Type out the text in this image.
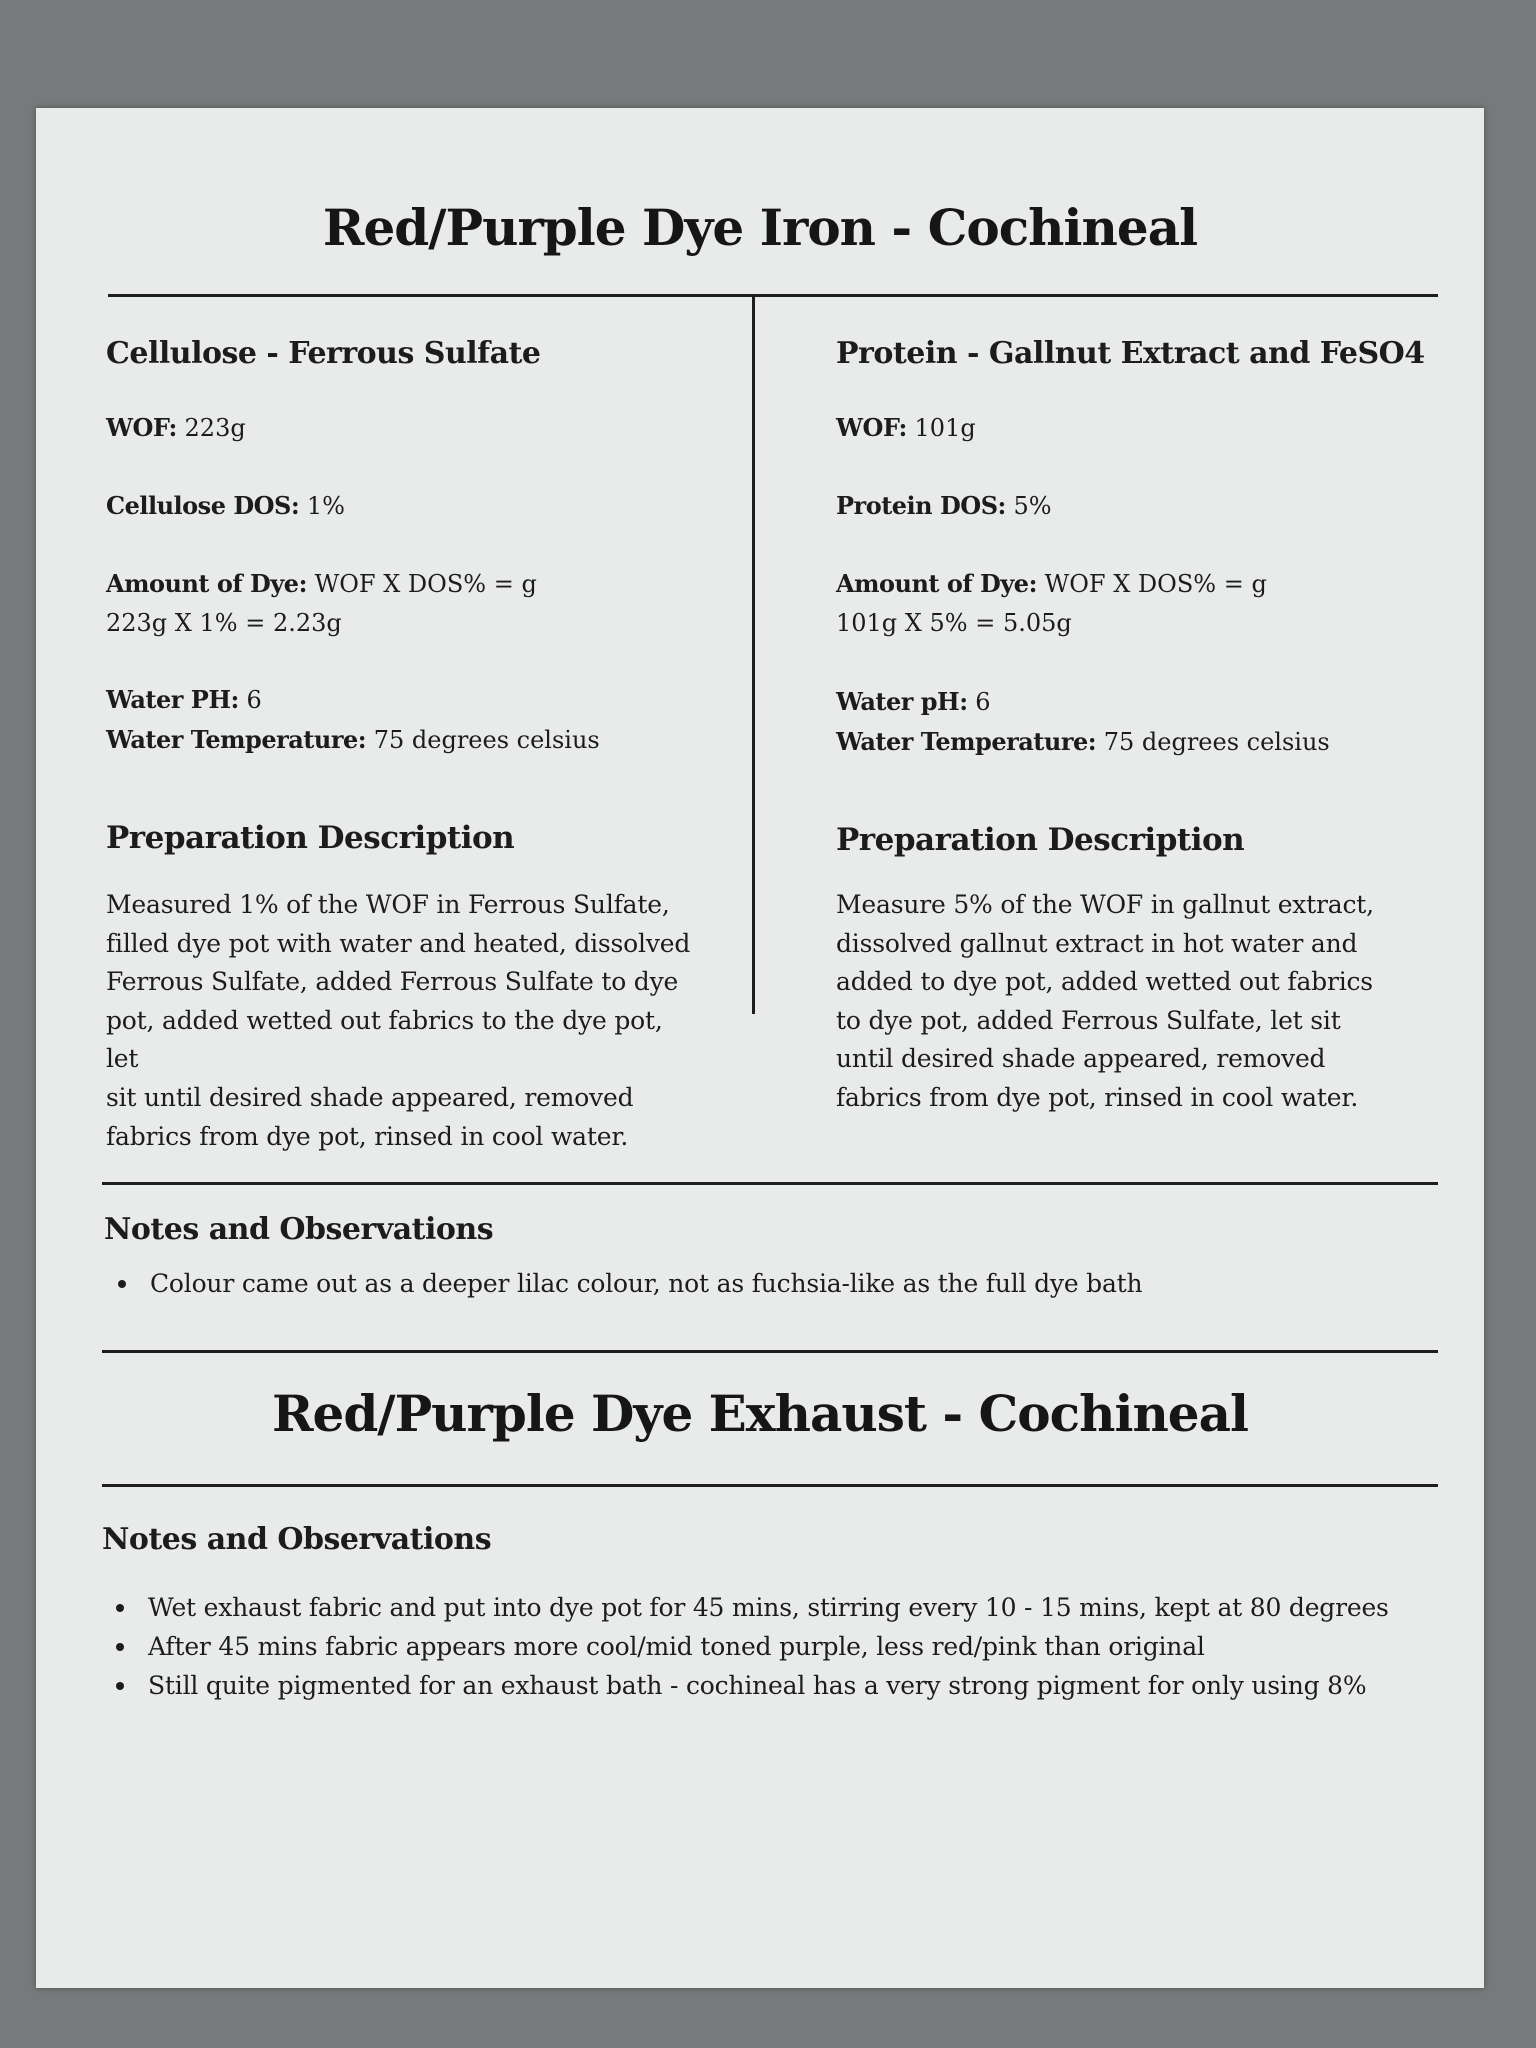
Red/Purple Dye Iron - Cochineal
Cellulose - Ferrous Sulfate
WOF: 223g
Cellulose DOS: 1%
Amount of Dye: WOF X DOS% = g
223g X 1% = 2.23g
Water PH: 6
Water Temperature: 75 degrees celsius
Preparation Description
Measured 1% of the WOF in Ferrous Sulfate,
filled dye pot with water and heated, dissolved
Ferrous Sulfate, added Ferrous Sulfate to dye
pot, added wetted out fabrics to the dye pot, let
sit until desired shade appeared, removed
fabrics from dye pot, rinsed in cool water.
Protein - Gallnut Extract and FeSO4
WOF: 101g
Protein DOS: 5%
Amount of Dye: WOF X DOS% = g
101g X 5% = 5.05g
Water pH: 6
Water Temperature: 75 degrees celsius
Preparation Description
Measure 5% of the WOF in gallnut extract,
dissolved gallnut extract in hot water and
added to dye pot, added wetted out fabrics
to dye pot, added Ferrous Sulfate, let sit
until desired shade appeared, removed
fabrics from dye pot, rinsed in cool water.
Notes and Observations
Colour came out as a deeper lilac colour, not as fuchsia-like as the full dye bath
Red/Purple Dye Exhaust - Cochineal
Notes and Observations
Wet exhaust fabric and put into dye pot for 45 mins, stirring every 10 - 15 mins, kept at 80 degrees
After 45 mins fabric appears more cool/mid toned purple, less red/pink than original
Still quite pigmented for an exhaust bath - cochineal has a very strong pigment for only using 8%
